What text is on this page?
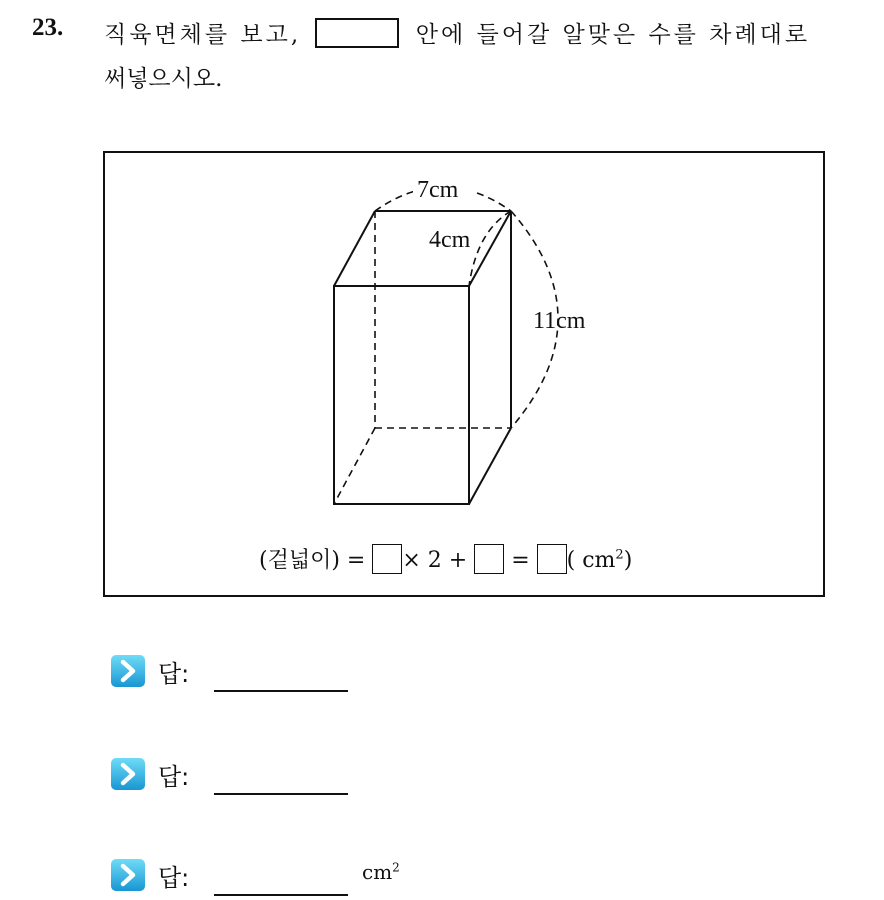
23. 직육면체를 보고,	안에 들어갈 알맞은 수를 차례대로
써넣으시오.
7cm
4cm
11cm
(겉넓이) = × 2 + = ( $cm^2$)
답:
답:
답:	$cm^2$
